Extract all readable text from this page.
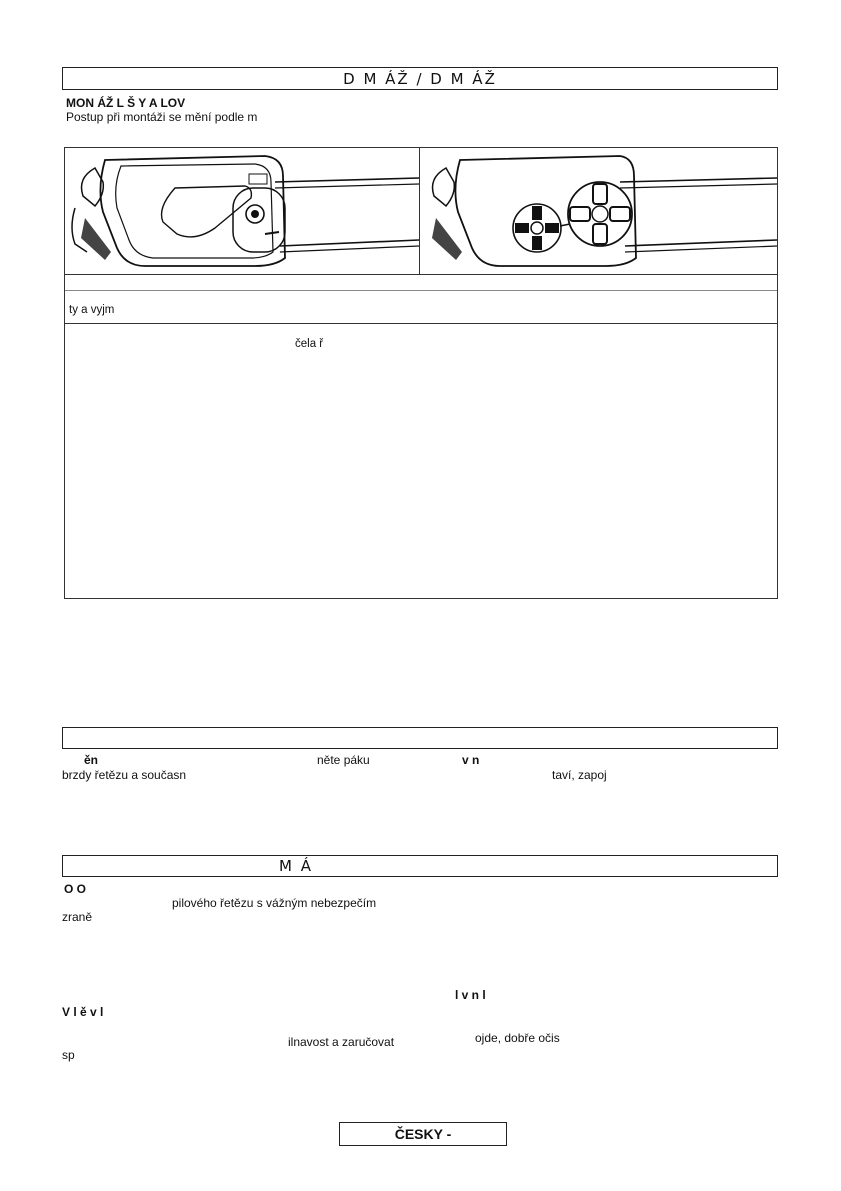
D M ÁŽ / D M ÁŽ
MON ÁŽ L Š Y A LOV
Postup při montáži se mění podle m
ty a vyjm
čela ř
ěn	něte páku	v n
brzdy řetězu a současn	taví, zapoj
M Á
O O
pilového řetězu s vážným nebezpečím
zraně
l v n l
V l ě v l
ilnavost a zaručovat	ojde, dobře očis
sp
ČESKY -
